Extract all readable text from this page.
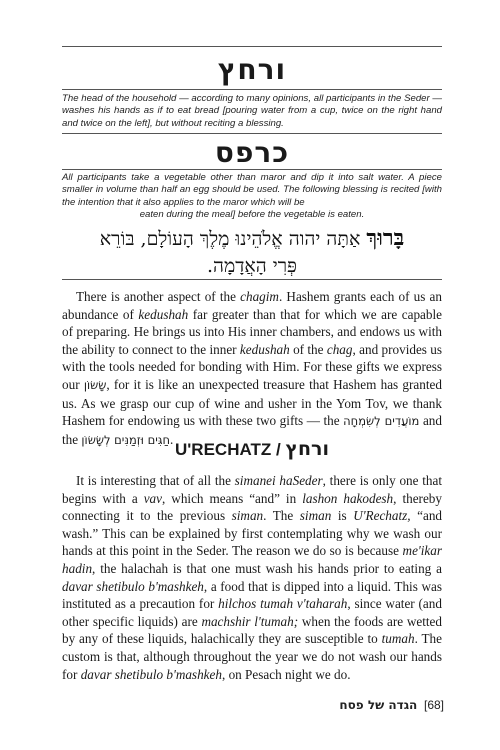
ורחץ
The head of the household — according to many opinions, all participants in the Seder — washes his hands as if to eat bread [pouring water from a cup, twice on the right hand and twice on the left], but without reciting a blessing.
כרפס
All participants take a vegetable other than maror and dip it into salt water. A piece smaller in volume than half an egg should be used. The following blessing is recited [with the intention that it also applies to the maror which will be
eaten during the meal] before the vegetable is eaten.
בָּרוּךְ אַתָּה יהוה אֱלֹהֵינוּ מֶלֶךְ הָעוֹלָם, בּוֹרֵא
פְּרִי הָאֲדָמָה.
There is another aspect of the chagim. Hashem grants each of us an abundance of kedushah far greater than that for which we are capable of preparing. He brings us into His inner chambers, and endows us with the ability to connect to the inner kedushah of the chag, and provides us with the tools needed for bonding with Him. For these gifts we express our שָׂשׂוֹן, for it is like an unexpected treasure that Hashem has granted us. As we grasp our cup of wine and usher in the Yom Tov, we thank Hashem for endowing us with these two gifts — the מוֹעֲדִים לְשִׂמְחָה and the חַגִּים וּזְמַנִּים לְשָׂשׂוֹן.
U'RECHATZ / ורחץ
It is interesting that of all the simanei haSeder, there is only one that begins with a vav, which means “and” in lashon hakodesh, thereby connecting it to the previous siman. The siman is U'Rechatz, “and wash.” This can be explained by first contemplating why we wash our hands at this point in the Seder. The reason we do so is because me'ikar hadin, the halachah is that one must wash his hands prior to eating a davar shetibulo b'mashkeh, a food that is dipped into a liquid. This was instituted as a precaution for hilchos tumah v'taharah, since water (and other specific liquids) are machshir l'tumah; when the foods are wetted by any of these liquids, halachically they are susceptible to tumah. The custom is that, although throughout the year we do not wash our hands for davar shetibulo b'mashkeh, on Pesach night we do.
הגדה של פסח [68]
